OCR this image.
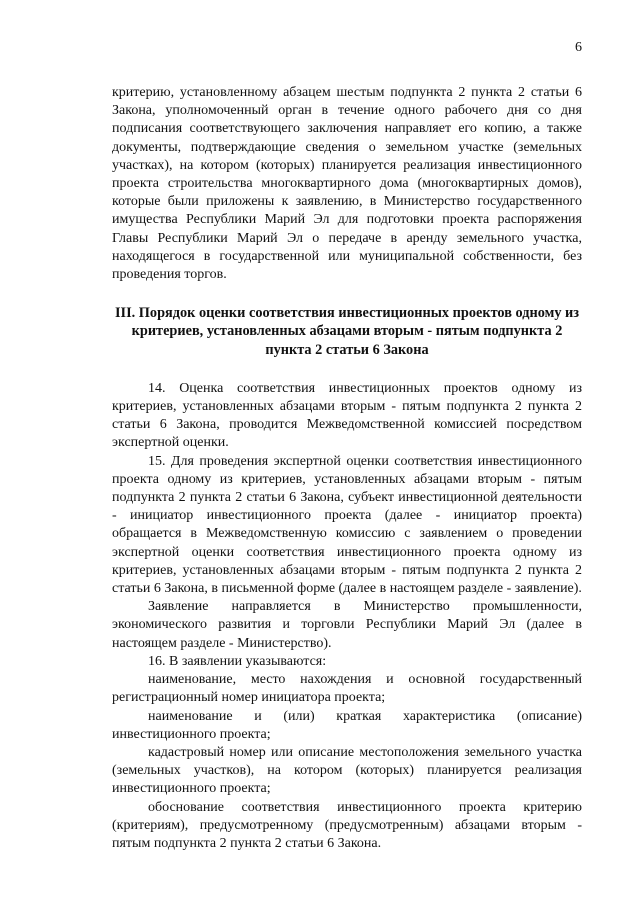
6

критерию, установленному абзацем шестым подпункта 2 пункта 2 статьи 6 Закона, уполномоченный орган в течение одного рабочего дня со дня подписания соответствующего заключения направляет его копию, а также документы, подтверждающие сведения о земельном участке (земельных участках), на котором (которых) планируется реализация инвестиционного проекта строительства многоквартирного дома (многоквартирных домов), которые были приложены к заявлению, в Министерство государственного имущества Республики Марий Эл для подготовки проекта распоряжения Главы Республики Марий Эл о передаче в аренду земельного участка, находящегося в государственной или муниципальной собственности, без проведения торгов.

III. Порядок оценки соответствия инвестиционных проектов одному из критериев, установленных абзацами вторым - пятым подпункта 2 пункта 2 статьи 6 Закона

14. Оценка соответствия инвестиционных проектов одному из критериев, установленных абзацами вторым - пятым подпункта 2 пункта 2 статьи 6 Закона, проводится Межведомственной комиссией посредством экспертной оценки.

15. Для проведения экспертной оценки соответствия инвестиционного проекта одному из критериев, установленных абзацами вторым - пятым подпункта 2 пункта 2 статьи 6 Закона, субъект инвестиционной деятельности - инициатор инвестиционного проекта (далее - инициатор проекта) обращается в Межведомственную комиссию с заявлением о проведении экспертной оценки соответствия инвестиционного проекта одному из критериев, установленных абзацами вторым - пятым подпункта 2 пункта 2 статьи 6 Закона, в письменной форме (далее в настоящем разделе - заявление).

Заявление направляется в Министерство промышленности, экономического развития и торговли Республики Марий Эл (далее в настоящем разделе - Министерство).

16. В заявлении указываются:

наименование, место нахождения и основной государственный регистрационный номер инициатора проекта;

наименование и (или) краткая характеристика (описание) инвестиционного проекта;

кадастровый номер или описание местоположения земельного участка (земельных участков), на котором (которых) планируется реализация инвестиционного проекта;

обоснование соответствия инвестиционного проекта критерию (критериям), предусмотренному (предусмотренным) абзацами вторым - пятым подпункта 2 пункта 2 статьи 6 Закона.
